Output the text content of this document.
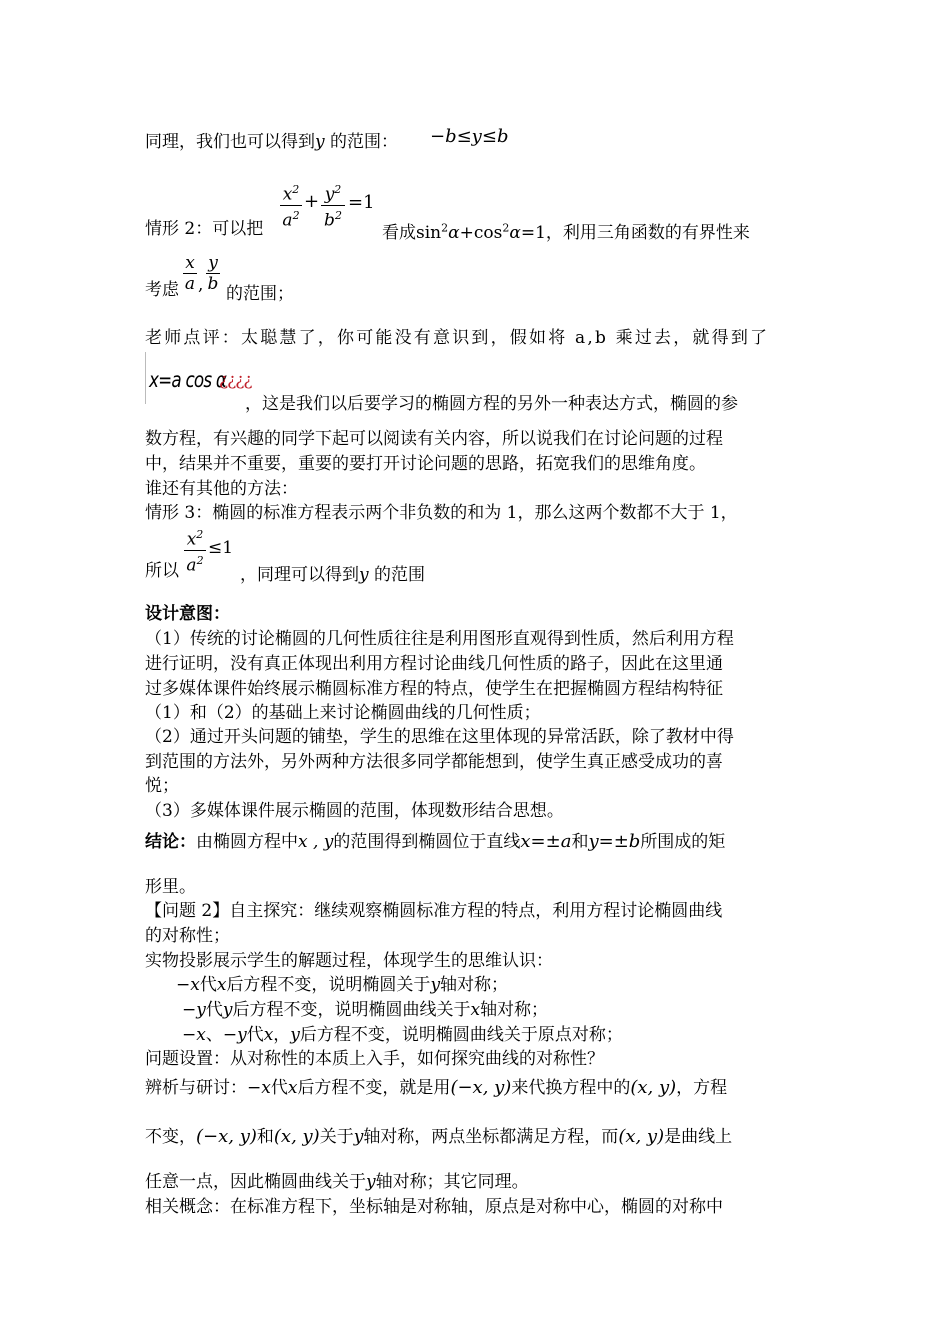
同理，我们也可以得到y 的范围： −b≤y≤b
$x^2$
$a^2$
+ $y^2$
$b^2$
=1
情形 2：可以把	看成$\sin^2\alpha+\cos^2\alpha=1$，利用三角函数的有界性来
x
a ,
y
b
考虑	的范围；
老师点评：太聪慧了，你可能没有意识到，假如将 a,b 乘过去，就得到了
x=a cos α
¿¿¿¿
，这是我们以后要学习的椭圆方程的另外一种表达方式，椭圆的参
数方程，有兴趣的同学下起可以阅读有关内容，所以说我们在讨论问题的过程
中，结果并不重要，重要的要打开讨论问题的思路，拓宽我们的思维角度。
谁还有其他的方法：
情形 3：椭圆的标准方程表示两个非负数的和为 1，那么这两个数都不大于 1，
$x^2$
$a^2$
≤1
所以	，同理可以得到y 的范围
设计意图：
（1）传统的讨论椭圆的几何性质往往是利用图形直观得到性质，然后利用方程
进行证明，没有真正体现出利用方程讨论曲线几何性质的路子，因此在这里通
过多媒体课件始终展示椭圆标准方程的特点，使学生在把握椭圆方程结构特征
（1）和（2）的基础上来讨论椭圆曲线的几何性质；
（2）通过开头问题的铺垫，学生的思维在这里体现的异常活跃，除了教材中得
到范围的方法外，另外两种方法很多同学都能想到，使学生真正感受成功的喜
悦；
（3）多媒体课件展示椭圆的范围，体现数形结合思想。
结论：由椭圆方程中x , y的范围得到椭圆位于直线x=±a和y=±b所围成的矩
形里。
【问题 2】自主探究：继续观察椭圆标准方程的特点，利用方程讨论椭圆曲线
的对称性；
实物投影展示学生的解题过程，体现学生的思维认识：
−x代x后方程不变，说明椭圆关于y轴对称；
−y代y后方程不变，说明椭圆曲线关于x轴对称；
−x、−y代x，y后方程不变，说明椭圆曲线关于原点对称；
问题设置：从对称性的本质上入手，如何探究曲线的对称性？
辨析与研讨：−x代x后方程不变，就是用(−x, y)来代换方程中的(x, y)，方程
不变，(−x, y)和(x, y)关于y轴对称，两点坐标都满足方程，而(x, y)是曲线上
任意一点，因此椭圆曲线关于y轴对称；其它同理。
相关概念：在标准方程下，坐标轴是对称轴，原点是对称中心，椭圆的对称中
